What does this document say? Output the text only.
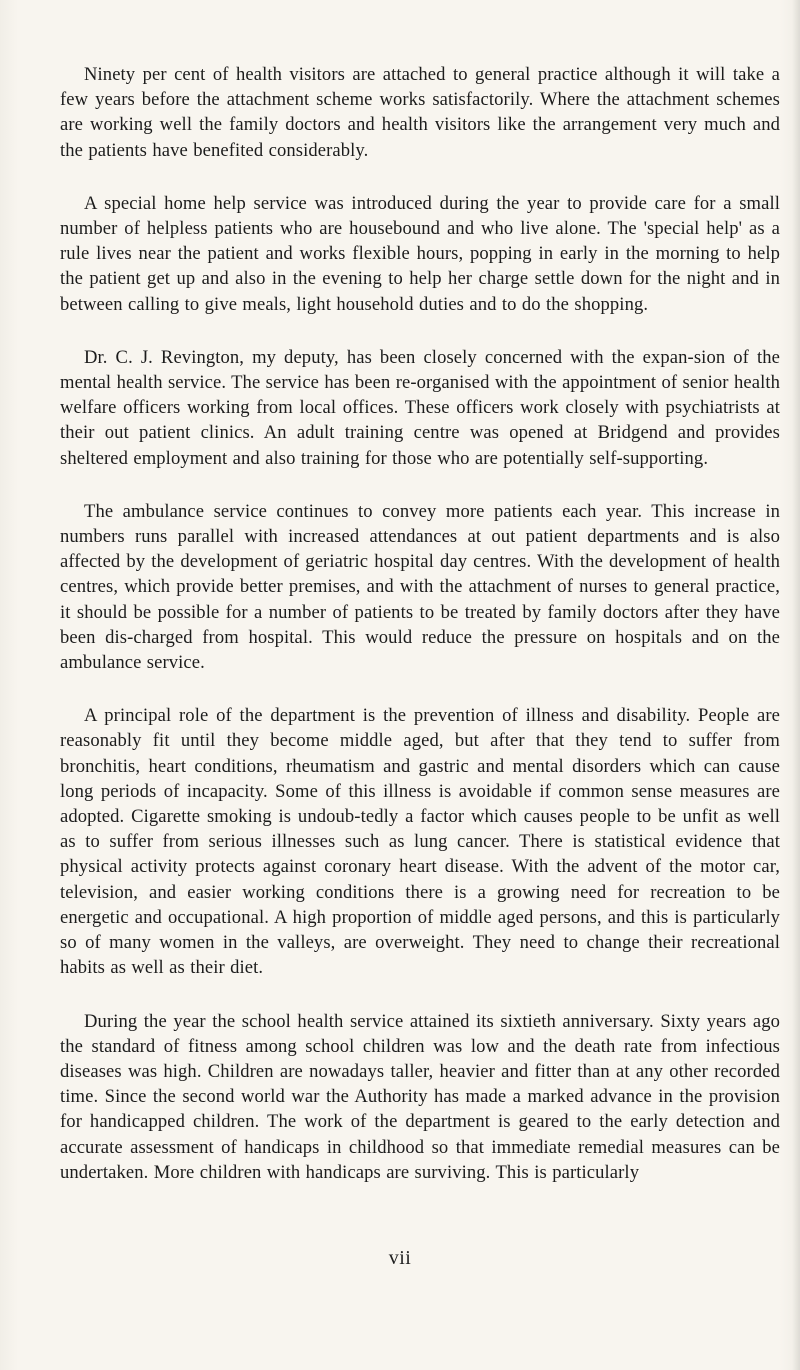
Ninety per cent of health visitors are attached to general practice although it will take a few years before the attachment scheme works satisfactorily. Where the attachment schemes are working well the family doctors and health visitors like the arrangement very much and the patients have benefited considerably.

A special home help service was introduced during the year to provide care for a small number of helpless patients who are housebound and who live alone. The 'special help' as a rule lives near the patient and works flexible hours, popping in early in the morning to help the patient get up and also in the evening to help her charge settle down for the night and in between calling to give meals, light household duties and to do the shopping.

Dr. C. J. Revington, my deputy, has been closely concerned with the expan-sion of the mental health service. The service has been re-organised with the appointment of senior health welfare officers working from local offices. These officers work closely with psychiatrists at their out patient clinics. An adult training centre was opened at Bridgend and provides sheltered employment and also training for those who are potentially self-supporting.

The ambulance service continues to convey more patients each year. This increase in numbers runs parallel with increased attendances at out patient departments and is also affected by the development of geriatric hospital day centres. With the development of health centres, which provide better premises, and with the attachment of nurses to general practice, it should be possible for a number of patients to be treated by family doctors after they have been dis-charged from hospital. This would reduce the pressure on hospitals and on the ambulance service.

A principal role of the department is the prevention of illness and disability. People are reasonably fit until they become middle aged, but after that they tend to suffer from bronchitis, heart conditions, rheumatism and gastric and mental disorders which can cause long periods of incapacity. Some of this illness is avoidable if common sense measures are adopted. Cigarette smoking is undoub-tedly a factor which causes people to be unfit as well as to suffer from serious illnesses such as lung cancer. There is statistical evidence that physical activity protects against coronary heart disease. With the advent of the motor car, television, and easier working conditions there is a growing need for recreation to be energetic and occupational. A high proportion of middle aged persons, and this is particularly so of many women in the valleys, are overweight. They need to change their recreational habits as well as their diet.

During the year the school health service attained its sixtieth anniversary. Sixty years ago the standard of fitness among school children was low and the death rate from infectious diseases was high. Children are nowadays taller, heavier and fitter than at any other recorded time. Since the second world war the Authority has made a marked advance in the provision for handicapped children. The work of the department is geared to the early detection and accurate assessment of handicaps in childhood so that immediate remedial measures can be undertaken. More children with handicaps are surviving. This is particularly

vii
